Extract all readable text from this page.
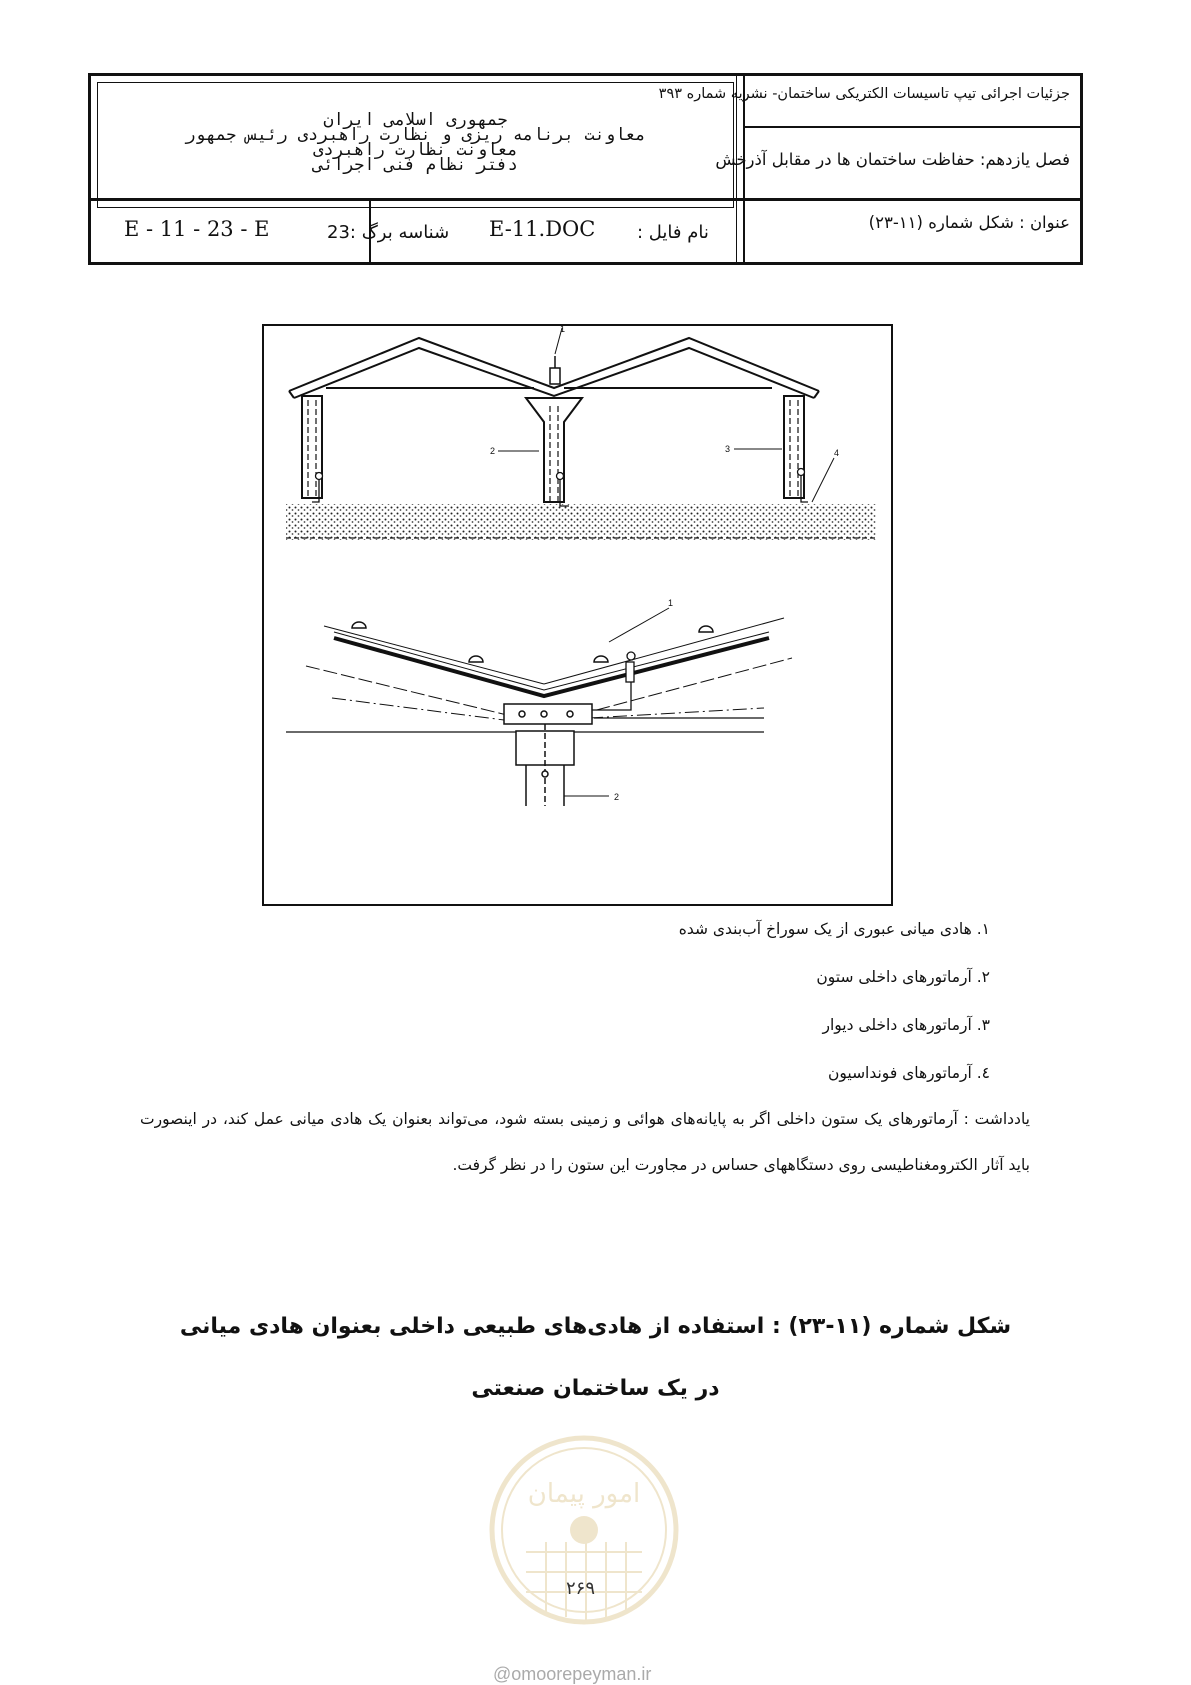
جمهوری اسلامی ایران
معاونت برنامه ریزی و نظارت راهبردی رئیس جمهور
معاونت نظارت راهبردی
دفتر نظام فنی اجرائی
جزئیات اجرائی تیپ تاسیسات الکتریکی ساختمان- نشریه شماره ۳۹۳
فصل یازدهم: حفاظت ساختمان ها در مقابل آذرخش
عنوان : شکل شماره (۱۱-۲۳)
نام فایل :
E-11.DOC
شناسه برگ :23
E - 11 - 23 - E
1
2	3	4
1
2
۱. هادی میانی عبوری از یک سوراخ آب‌بندی شده
۲. آرماتورهای داخلی ستون
۳. آرماتورهای داخلی دیوار
٤. آرماتورهای فونداسیون
یادداشت : آرماتورهای یک ستون داخلی اگر به پایانه‌های هوائی و زمینی بسته شود، می‌تواند بعنوان یک هادی میانی عمل کند، در اینصورت باید آثار الکترومغناطیسی روی دستگاههای حساس در مجاورت این ستون را در نظر گرفت.
شکل شماره (۱۱-۲۳) : استفاده از هادی‌های طبیعی داخلی بعنوان هادی میانی
در یک ساختمان صنعتی
امور پیمان
۲۶۹
@omoorepeyman.ir
